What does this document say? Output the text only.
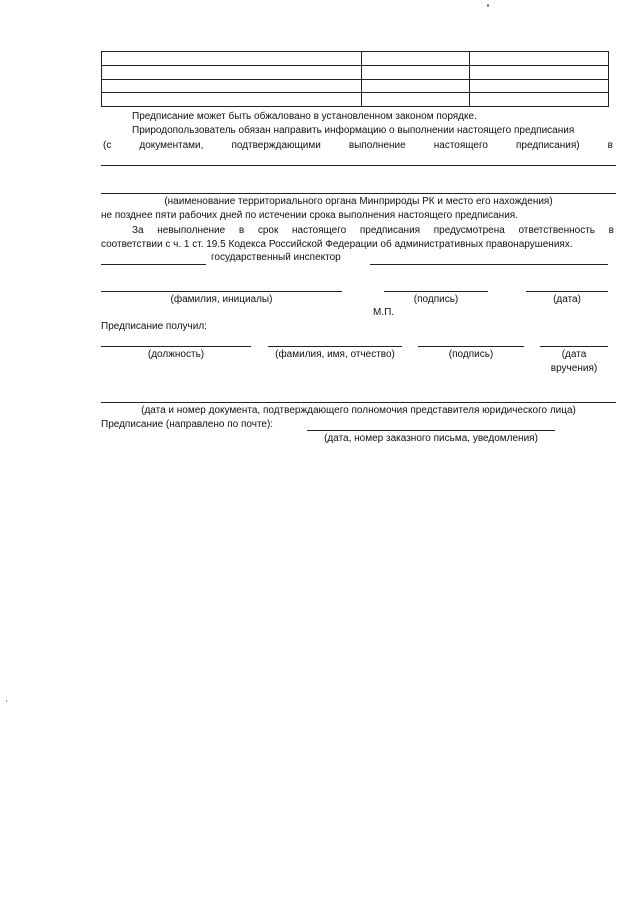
Предписание может быть обжаловано в установленном законом порядке.
Природопользователь обязан направить информацию о выполнении настоящего предписания
(с	документами,	подтверждающими	выполнение	настоящего	предписания)	в
(наименование территориального органа Минприроды РК и место его нахождения)
не позднее пяти рабочих дней по истечении срока выполнения настоящего предписания.
За невыполнение в срок настоящего предписания предусмотрена ответственность в
соответствии с ч. 1 ст. 19.5 Кодекса Российской Федерации об административных правонарушениях.
государственный инспектор
(фамилия, инициалы)	(подпись)	(дата)
М.П.
Предписание получил:
(должность)	(фамилия, имя, отчество)	(подпись)	(дата
вручения)
(дата и номер документа, подтверждающего полномочия представителя юридического лица)
Предписание (направлено по почте):
(дата, номер заказного письма, уведомления)
